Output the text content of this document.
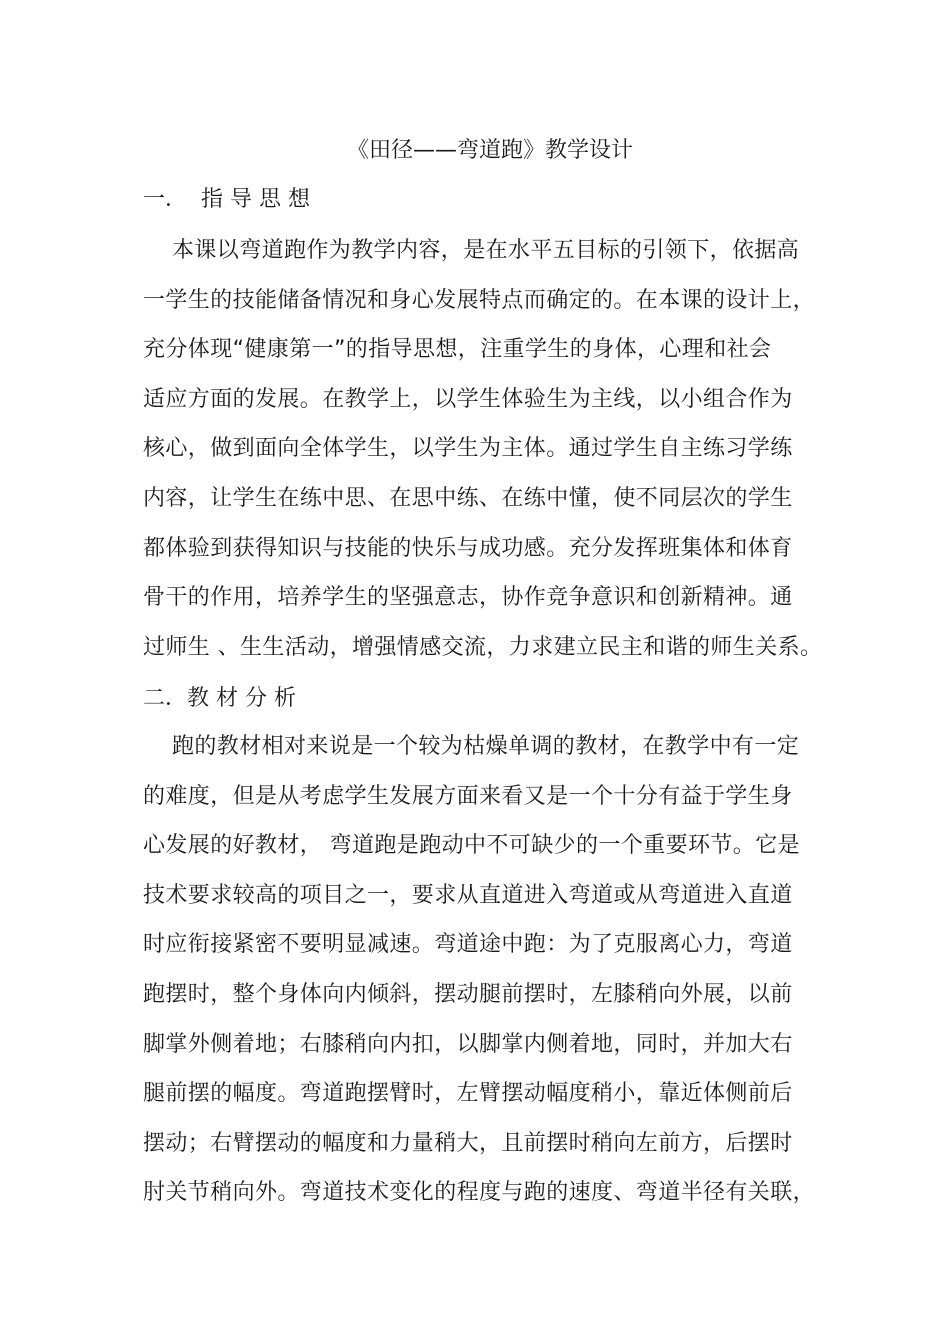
《田径——弯道跑》教学设计
一．  指 导 思 想
本课以弯道跑作为教学内容，是在水平五目标的引领下，依据高
一学生的技能储备情况和身心发展特点而确定的。在本课的设计上，
充分体现“健康第一”的指导思想，注重学生的身体，心理和社会
适应方面的发展。在教学上，以学生体验生为主线，以小组合作为
核心，做到面向全体学生，以学生为主体。通过学生自主练习学练
内容，让学生在练中思、在思中练、在练中懂，使不同层次的学生
都体验到获得知识与技能的快乐与成功感。充分发挥班集体和体育
骨干的作用，培养学生的坚强意志，协作竞争意识和创新精神。通
过师生 、生生活动，增强情感交流，力求建立民主和谐的师生关系。
二．教 材 分 析
跑的教材相对来说是一个较为枯燥单调的教材，在教学中有一定
的难度，但是从考虑学生发展方面来看又是一个十分有益于学生身
心发展的好教材， 弯道跑是跑动中不可缺少的一个重要环节。它是
技术要求较高的项目之一，要求从直道进入弯道或从弯道进入直道
时应衔接紧密不要明显减速。弯道途中跑：为了克服离心力，弯道
跑摆时，整个身体向内倾斜，摆动腿前摆时，左膝稍向外展，以前
脚掌外侧着地；右膝稍向内扣，以脚掌内侧着地，同时，并加大右
腿前摆的幅度。弯道跑摆臂时，左臂摆动幅度稍小，靠近体侧前后
摆动；右臂摆动的幅度和力量稍大，且前摆时稍向左前方，后摆时
肘关节稍向外。弯道技术变化的程度与跑的速度、弯道半径有关联，
